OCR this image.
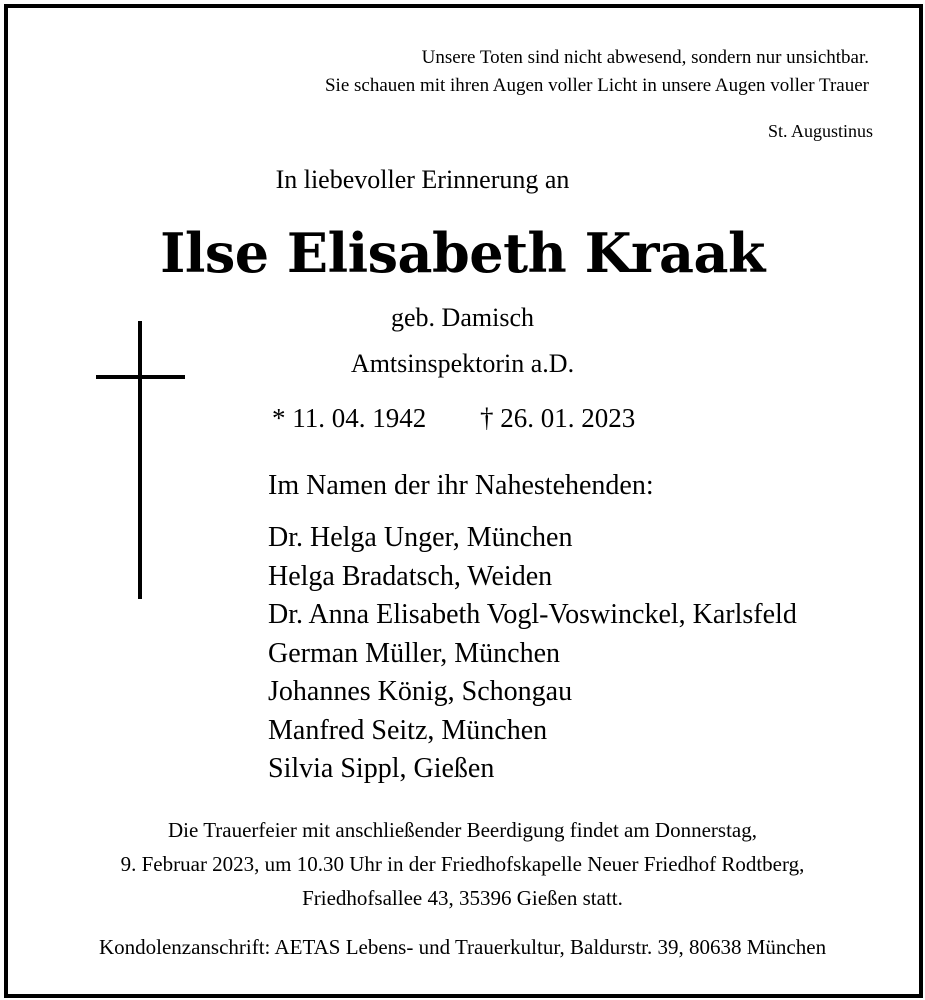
Unsere Toten sind nicht abwesend, sondern nur unsichtbar.

Sie schauen mit ihren Augen voller Licht in unsere Augen voller Trauer

St. Augustinus

In liebevoller Erinnerung an

Ilse Elisabeth Kraak

geb. Damisch

Amtsinspektorin a.D.

* 11. 04. 1942 † 26. 01. 2023

Im Namen der ihr Nahestehenden:

Dr. Helga Unger, München

Helga Bradatsch, Weiden

Dr. Anna Elisabeth Vogl-Voswinckel, Karlsfeld

German Müller, München

Johannes König, Schongau

Manfred Seitz, München

Silvia Sippl, Gießen

Die Trauerfeier mit anschließender Beerdigung findet am Donnerstag,

9. Februar 2023, um 10.30 Uhr in der Friedhofskapelle Neuer Friedhof Rodtberg,

Friedhofsallee 43, 35396 Gießen statt.

Kondolenzanschrift: AETAS Lebens- und Trauerkultur, Baldurstr. 39, 80638 München
